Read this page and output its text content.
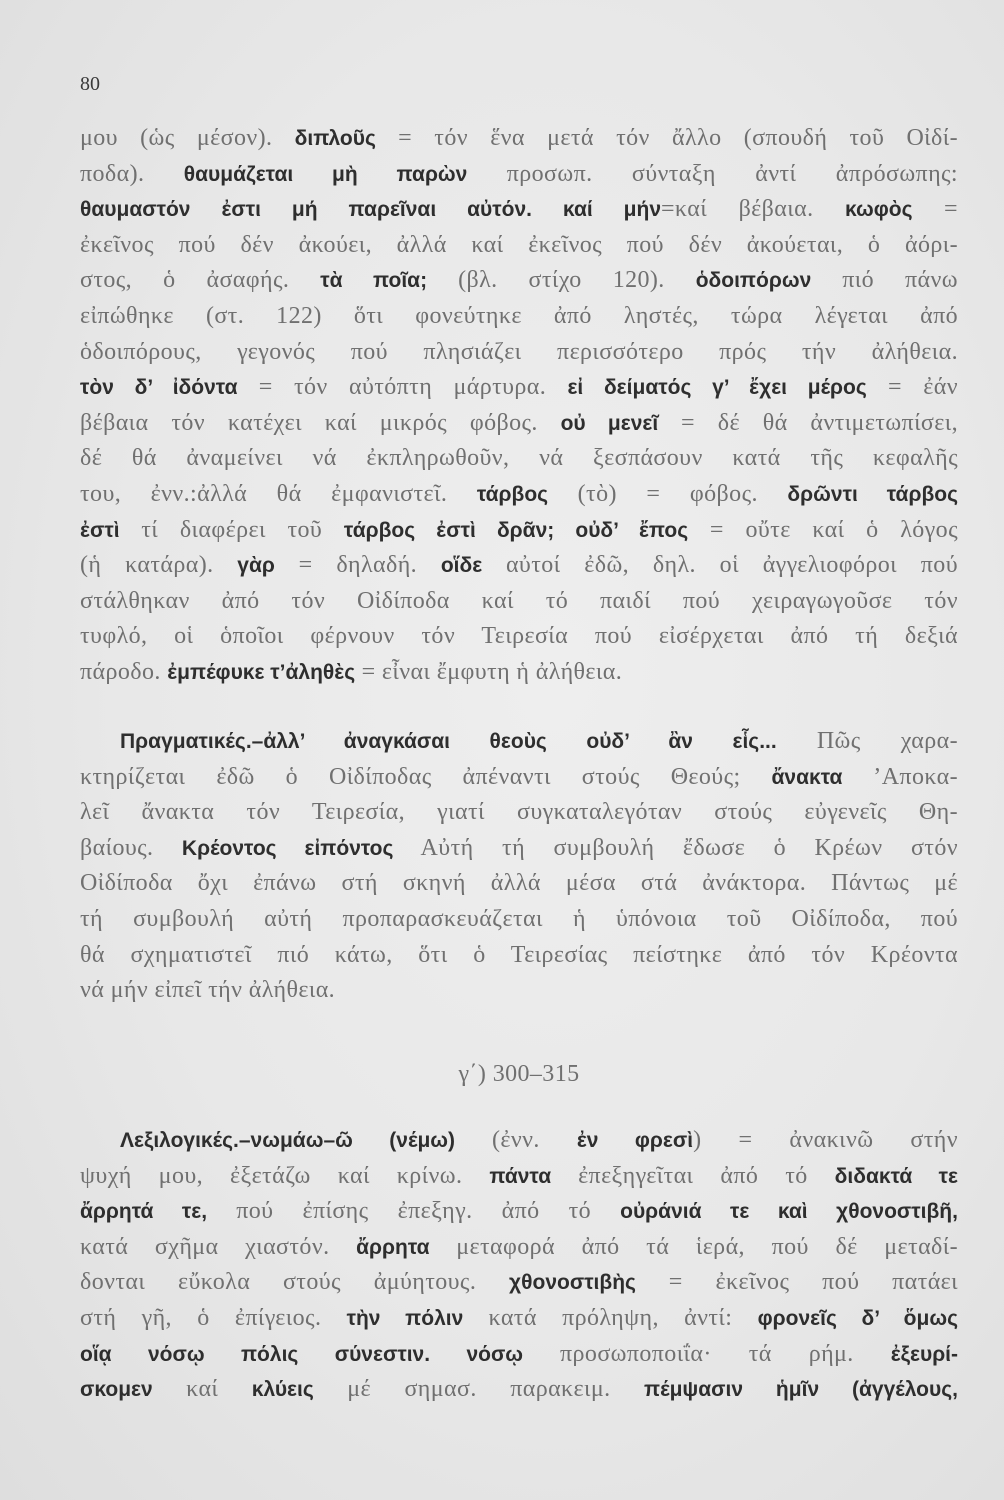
80
μου (ὡς μέσον). διπλοῦς = τόν ἕνα μετά τόν ἄλλο (σπουδή τοῦ Οἰδί-
ποδα). θαυμάζεται μὴ παρὼν προσωπ. σύνταξη ἀντί ἀπρόσωπης:
θαυμαστόν ἐστι μή παρεῖναι αὐτόν. καί μήν=καί βέβαια. κωφὸς =
ἐκεῖνος πού δέν ἀκούει, ἀλλά καί ἐκεῖνος πού δέν ἀκούεται, ὁ ἀόρι-
στος, ὁ ἀσαφής. τὰ ποῖα; (βλ. στίχο 120). ὁδοιπόρων πιό πάνω
εἰπώθηκε (στ. 122) ὅτι φονεύτηκε ἀπό ληστές, τώρα λέγεται ἀπό
ὁδοιπόρους, γεγονός πού πλησιάζει περισσότερο πρός τήν ἀλήθεια.
τὸν δ’ ἰδόντα = τόν αὐτόπτη μάρτυρα. εἰ δείματός γ’ ἔχει μέρος = ἐάν
βέβαια τόν κατέχει καί μικρός φόβος. οὐ μενεῖ = δέ θά ἀντιμετωπίσει,
δέ θά ἀναμείνει νά ἐκπληρωθοῦν, νά ξεσπάσουν κατά τῆς κεφαλῆς
του, ἐνν.:ἀλλά θά ἐμφανιστεῖ. τάρβος (τὸ) = φόβος. δρῶντι τάρβος
ἐστὶ τί διαφέρει τοῦ τάρβος ἐστὶ δρᾶν; οὐδ’ ἔπος = οὔτε καί ὁ λόγος
(ἡ κατάρα). γὰρ = δηλαδή. οἵδε αὐτοί ἐδῶ, δηλ. οἱ ἀγγελιοφόροι πού
στάλθηκαν ἀπό τόν Οἰδίποδα καί τό παιδί πού χειραγωγοῦσε τόν
τυφλό, οἱ ὁποῖοι φέρνουν τόν Τειρεσία πού εἰσέρχεται ἀπό τή δεξιά
πάροδο. ἐμπέφυκε τ’ἀληθὲς = εἶναι ἔμφυτη ἡ ἀλήθεια.
Πραγματικές.–ἀλλ’ ἀναγκάσαι θεοὺς οὐδ’ ἂν εἷς... Πῶς χαρα-
κτηρίζεται ἐδῶ ὁ Οἰδίποδας ἀπέναντι στούς Θεούς; ἄνακτα ’Αποκα-
λεῖ ἄνακτα τόν Τειρεσία, γιατί συγκαταλεγόταν στούς εὐγενεῖς Θη-
βαίους. Κρέοντος εἰπόντος Αὐτή τή συμβουλή ἔδωσε ὁ Κρέων στόν
Οἰδίποδα ὄχι ἐπάνω στή σκηνή ἀλλά μέσα στά ἀνάκτορα. Πάντως μέ
τή συμβουλή αὐτή προπαρασκευάζεται ἡ ὑπόνοια τοῦ Οἰδίποδα, πού
θά σχηματιστεῖ πιό κάτω, ὅτι ὁ Τειρεσίας πείστηκε ἀπό τόν Κρέοντα
νά μήν εἰπεῖ τήν ἀλήθεια.
γ΄) 300–315
Λεξιλογικές.–νωμάω–ῶ (νέμω) (ἐνν. ἐν φρεσὶ) = ἀνακινῶ στήν
ψυχή μου, ἐξετάζω καί κρίνω. πάντα ἐπεξηγεῖται ἀπό τό διδακτά τε
ἄρρητά τε, πού ἐπίσης ἐπεξηγ. ἀπό τό οὐράνιά τε καὶ χθονοστιβῆ,
κατά σχῆμα χιαστόν. ἄρρητα μεταφορά ἀπό τά ἱερά, πού δέ μεταδί-
δονται εὔκολα στούς ἀμύητους. χθονοστιβὴς = ἐκεῖνος πού πατάει
στή γῆ, ὁ ἐπίγειος. τὴν πόλιν κατά πρόληψη, ἀντί: φρονεῖς δ’ ὅμως
οἵᾳ νόσῳ πόλις σύνεστιν. νόσῳ προσωποποιΐα· τά ρήμ. ἐξευρί-
σκομεν καί κλύεις μέ σημασ. παρακειμ. πέμψασιν ἡμῖν (ἀγγέλους,
